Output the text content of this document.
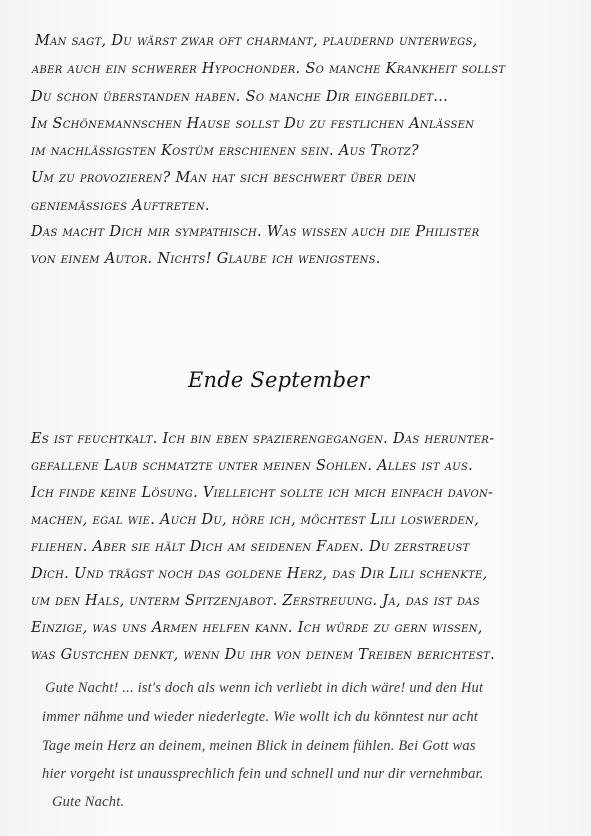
Man sagt, Du wärst zwar oft charmant, plaudernd unterwegs,
aber auch ein schwerer Hypochonder. So manche Krankheit sollst
Du schon überstanden haben. So manche Dir eingebildet...
Im Schönemannschen Hause sollst Du zu festlichen Anlässen
im nachlässigsten Kostüm erschienen sein. Aus Trotz?
Um zu provozieren? Man hat sich beschwert über dein
geniemässiges Auftreten.
Das macht Dich mir sympathisch. Was wissen auch die Philister
von einem Autor. Nichts! Glaube ich wenigstens.
Ende September
Es ist feuchtkalt. Ich bin eben spazierengegangen. Das herunter-
gefallene Laub schmatzte unter meinen Sohlen. Alles ist aus.
Ich finde keine Lösung. Vielleicht sollte ich mich einfach davon-
machen, egal wie. Auch Du, höre ich, möchtest Lili loswerden,
fliehen. Aber sie hält Dich am seidenen Faden. Du zerstreust
Dich. Und trägst noch das goldene Herz, das Dir Lili schenkte,
um den Hals, unterm Spitzenjabot. Zerstreuung. Ja, das ist das
Einzige, was uns Armen helfen kann. Ich würde zu gern wissen,
was Gustchen denkt, wenn Du ihr von deinem Treiben berichtest.
Gute Nacht! ... ist's doch als wenn ich verliebt in dich wäre! und den Hut
immer nähme und wieder niederlegte. Wie wollt ich du könntest nur acht
Tage mein Herz an deinem, meinen Blick in deinem fühlen. Bei Gott was
hier vorgeht ist unaussprechlich fein und schnell und nur dir vernehmbar.
Gute Nacht.
